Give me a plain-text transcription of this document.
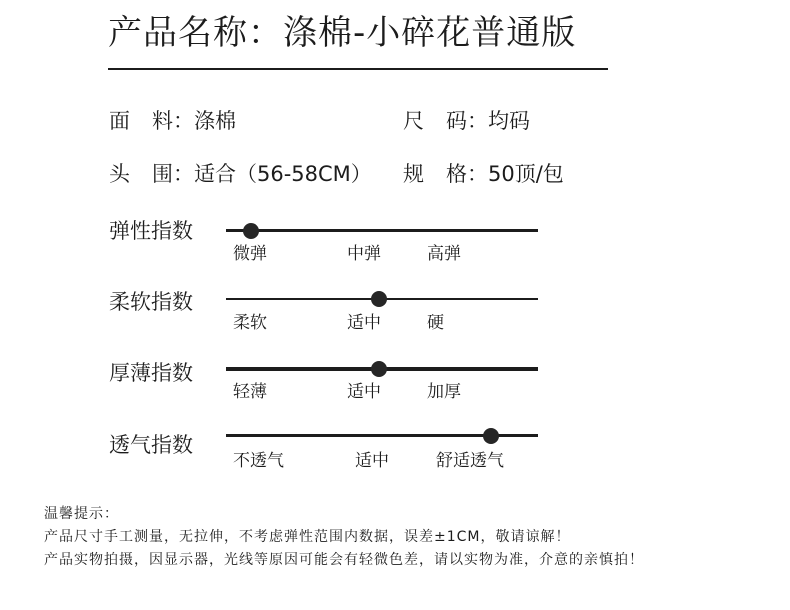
产品名称：涤棉-小碎花普通版
面 料：涤棉	尺 码：均码
头 围：适合（56-58CM） 规 格：50顶/包
弹性指数
微弹	中弹	高弹
柔软指数
柔软	适中	硬
厚薄指数
轻薄	适中	加厚
透气指数
不透气	适中	舒适透气
温馨提示：
产品尺寸手工测量，无拉伸，不考虑弹性范围内数据，误差±1CM，敬请谅解！
产品实物拍摄，因显示器，光线等原因可能会有轻微色差，请以实物为准，介意的亲慎拍！
